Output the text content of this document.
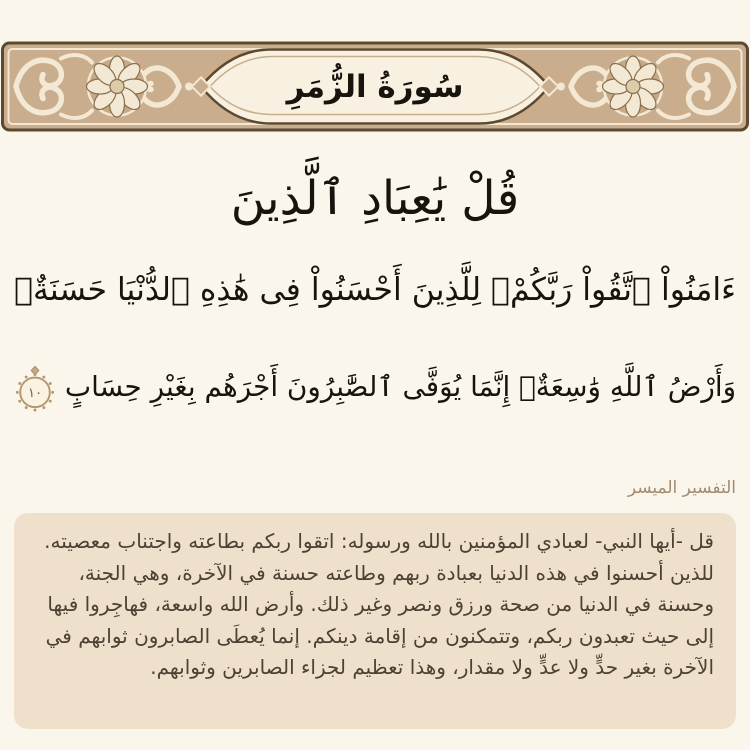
سُورَةُ الزُّمَرِ
قُلْ يَٰعِبَادِ ٱلَّذِينَ
ءَامَنُواْ ٱتَّقُواْ رَبَّكُمْۚ لِلَّذِينَ أَحْسَنُواْ فِى هَٰذِهِ ٱلدُّنْيَا حَسَنَةٌۗ
وَأَرْضُ ٱللَّهِ وَٰسِعَةٌۗ إِنَّمَا يُوَفَّى ٱلصَّٰبِرُونَ أَجْرَهُم بِغَيْرِ حِسَابٍ
١٠
التفسير الميسر
قل -أيها النبي- لعبادي المؤمنين بالله ورسوله: اتقوا ربكم بطاعته واجتناب معصيته. للذين أحسنوا في هذه الدنيا بعبادة ربهم وطاعته حسنة في الآخرة، وهي الجنة، وحسنة في الدنيا من صحة ورزق ونصر وغير ذلك. وأرض الله واسعة، فهاجِروا فيها إلى حيث تعبدون ربكم، وتتمكنون من إقامة دينكم. إنما يُعطَى الصابرون ثوابهم في الآخرة بغير حدٍّ ولا عدٍّ ولا مقدار، وهذا تعظيم لجزاء الصابرين وثوابهم.
